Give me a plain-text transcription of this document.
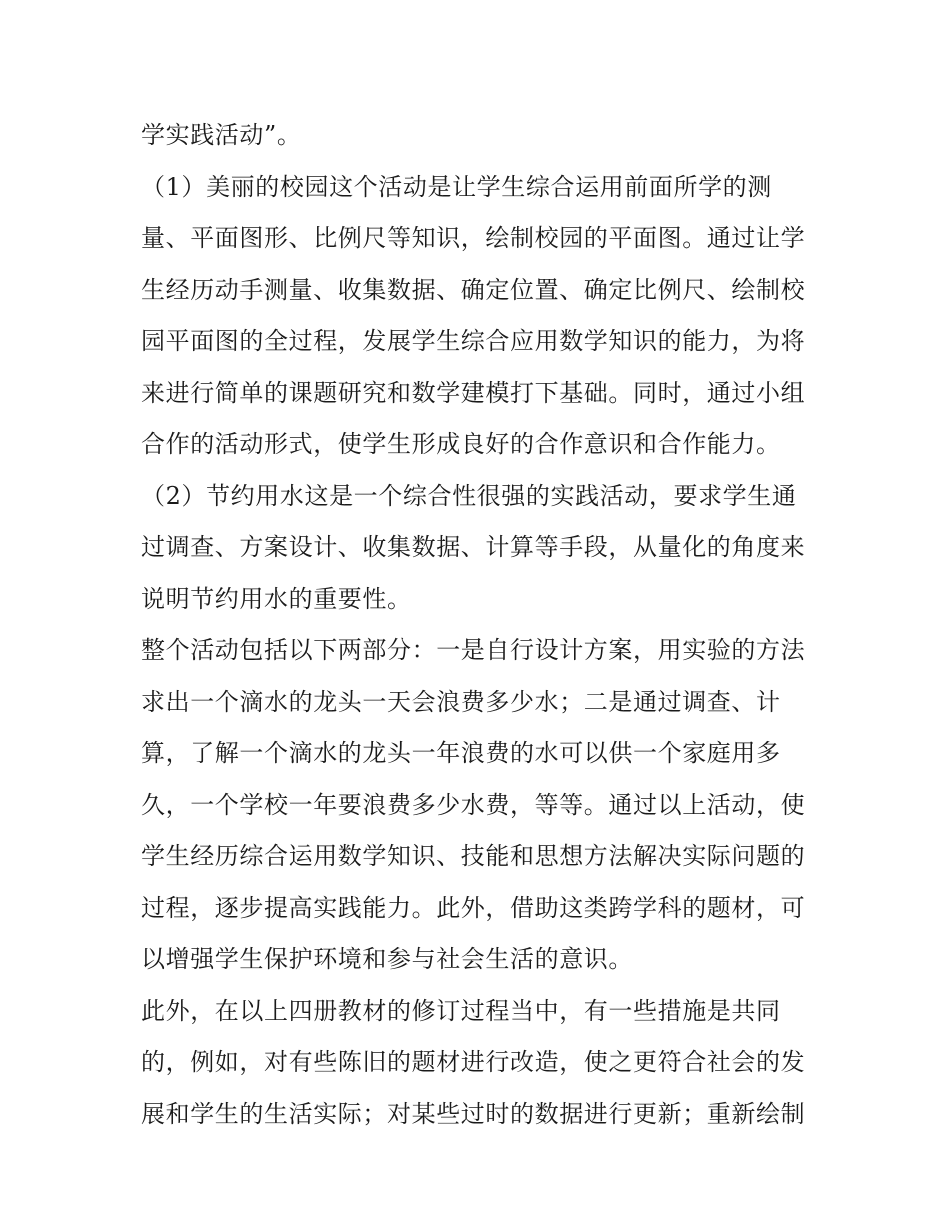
学实践活动”。
（1）美丽的校园这个活动是让学生综合运用前面所学的测
量、平面图形、比例尺等知识，绘制校园的平面图。通过让学
生经历动手测量、收集数据、确定位置、确定比例尺、绘制校
园平面图的全过程，发展学生综合应用数学知识的能力，为将
来进行简单的课题研究和数学建模打下基础。同时，通过小组
合作的活动形式，使学生形成良好的合作意识和合作能力。
（2）节约用水这是一个综合性很强的实践活动，要求学生通
过调查、方案设计、收集数据、计算等手段，从量化的角度来
说明节约用水的重要性。
整个活动包括以下两部分：一是自行设计方案，用实验的方法
求出一个滴水的龙头一天会浪费多少水；二是通过调查、计
算，了解一个滴水的龙头一年浪费的水可以供一个家庭用多
久，一个学校一年要浪费多少水费，等等。通过以上活动，使
学生经历综合运用数学知识、技能和思想方法解决实际问题的
过程，逐步提高实践能力。此外，借助这类跨学科的题材，可
以增强学生保护环境和参与社会生活的意识。
此外，在以上四册教材的修订过程当中，有一些措施是共同
的，例如，对有些陈旧的题材进行改造，使之更符合社会的发
展和学生的生活实际；对某些过时的数据进行更新；重新绘制
